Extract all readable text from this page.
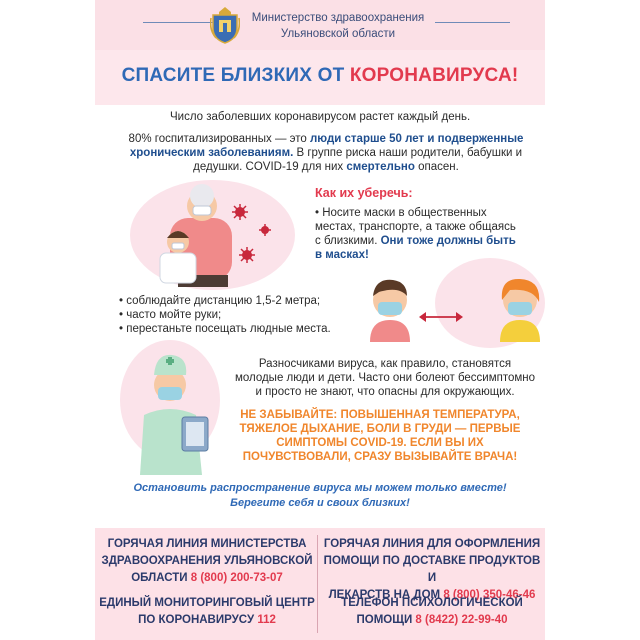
Министерство здравоохранения
Ульяновской области
СПАСИТЕ БЛИЗКИХ ОТ КОРОНАВИРУСА!
Число заболевших коронавирусом растет каждый день.
80% госпитализированных — это люди старше 50 лет и подверженные
хроническим заболеваниям. В группе риска наши родители, бабушки и
дедушки. COVID-19 для них смертельно опасен.
Как их уберечь:
• Носите маски в общественных
местах, транспорте, а также общаясь
с близкими. Они тоже должны быть
в масках!
• соблюдайте дистанцию 1,5-2 метра;
• часто мойте руки;
• перестаньте посещать людные места.
Разносчиками вируса, как правило, становятся
молодые люди и дети. Часто они болеют бессимптомно
и просто не знают, что опасны для окружающих.
НЕ ЗАБЫВАЙТЕ: ПОВЫШЕННАЯ ТЕМПЕРАТУРА,
ТЯЖЕЛОЕ ДЫХАНИЕ, БОЛИ В ГРУДИ — ПЕРВЫЕ
СИМПТОМЫ COVID-19. ЕСЛИ ВЫ ИХ
ПОЧУВСТВОВАЛИ, СРАЗУ ВЫЗЫВАЙТЕ ВРАЧА!
Остановить распространение вируса мы можем только вместе!
Берегите себя и своих близких!
ГОРЯЧАЯ ЛИНИЯ МИНИСТЕРСТВА
ЗДРАВООХРАНЕНИЯ УЛЬЯНОВСКОЙ
ОБЛАСТИ 8 (800) 200-73-07
ЕДИНЫЙ МОНИТОРИНГОВЫЙ ЦЕНТР
ПО КОРОНАВИРУСУ 112
ГОРЯЧАЯ ЛИНИЯ ДЛЯ ОФОРМЛЕНИЯ
ПОМОЩИ ПО ДОСТАВКЕ ПРОДУКТОВ И
ЛЕКАРСТВ НА ДОМ 8 (800) 350-46-46
ТЕЛЕФОН ПСИХОЛОГИЧЕСКОЙ
ПОМОЩИ 8 (8422) 22-99-40
